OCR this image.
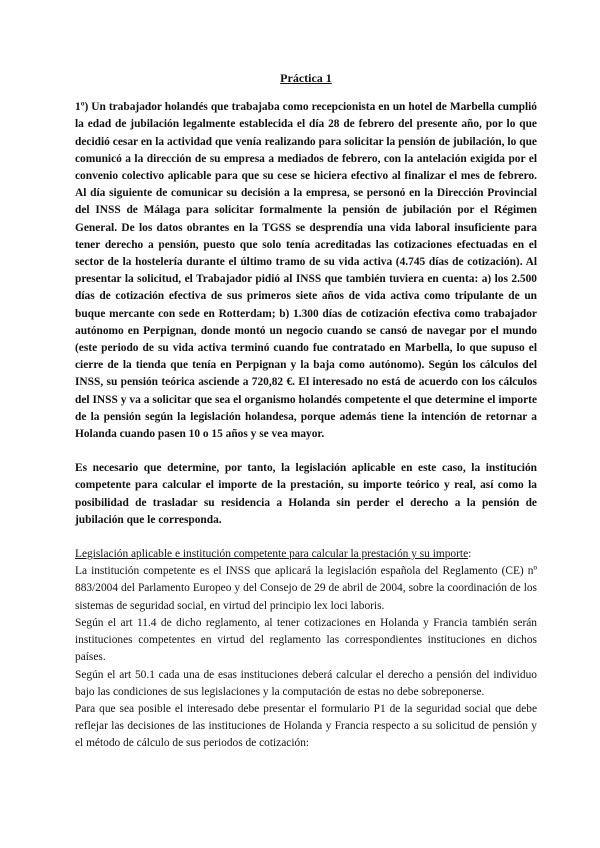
Práctica 1

1º) Un trabajador holandés que trabajaba como recepcionista en un hotel de Marbella cumplió la edad de jubilación legalmente establecida el día 28 de febrero del presente año, por lo que decidió cesar en la actividad que venía realizando para solicitar la pensión de jubilación, lo que comunicó a la dirección de su empresa a mediados de febrero, con la antelación exigida por el convenio colectivo aplicable para que su cese se hiciera efectivo al finalizar el mes de febrero. Al día siguiente de comunicar su decisión a la empresa, se personó en la Dirección Provincial del INSS de Málaga para solicitar formalmente la pensión de jubilación por el Régimen General. De los datos obrantes en la TGSS se desprendía una vida laboral insuficiente para tener derecho a pensión, puesto que solo tenía acreditadas las cotizaciones efectuadas en el sector de la hostelería durante el último tramo de su vida activa (4.745 días de cotización). Al presentar la solicitud, el Trabajador pidió al INSS que también tuviera en cuenta: a) los 2.500 días de cotización efectiva de sus primeros siete años de vida activa como tripulante de un buque mercante con sede en Rotterdam; b) 1.300 días de cotización efectiva como trabajador autónomo en Perpignan, donde montó un negocio cuando se cansó de navegar por el mundo (este periodo de su vida activa terminó cuando fue contratado en Marbella, lo que supuso el cierre de la tienda que tenía en Perpignan y la baja como autónomo). Según los cálculos del INSS, su pensión teórica asciende a 720,82 €. El interesado no está de acuerdo con los cálculos del INSS y va a solicitar que sea el organismo holandés competente el que determine el importe de la pensión según la legislación holandesa, porque además tiene la intención de retornar a Holanda cuando pasen 10 o 15 años y se vea mayor.

Es necesario que determine, por tanto, la legislación aplicable en este caso, la institución competente para calcular el importe de la prestación, su importe teórico y real, así como la posibilidad de trasladar su residencia a Holanda sin perder el derecho a la pensión de jubilación que le corresponda.

Legislación aplicable e institución competente para calcular la prestación y su importe:

La institución competente es el INSS que aplicará la legislación española del Reglamento (CE) nº 883/2004 del Parlamento Europeo y del Consejo de 29 de abril de 2004, sobre la coordinación de los sistemas de seguridad social, en virtud del principio lex loci laboris.

Según el art 11.4 de dicho reglamento, al tener cotizaciones en Holanda y Francia también serán instituciones competentes en virtud del reglamento las correspondientes instituciones en dichos países.

Según el art 50.1 cada una de esas instituciones deberá calcular el derecho a pensión del individuo bajo las condiciones de sus legislaciones y la computación de estas no debe sobreponerse.

Para que sea posible el interesado debe presentar el formulario P1 de la seguridad social que debe reflejar las decisiones de las instituciones de Holanda y Francia respecto a su solicitud de pensión y el método de cálculo de sus periodos de cotización:
